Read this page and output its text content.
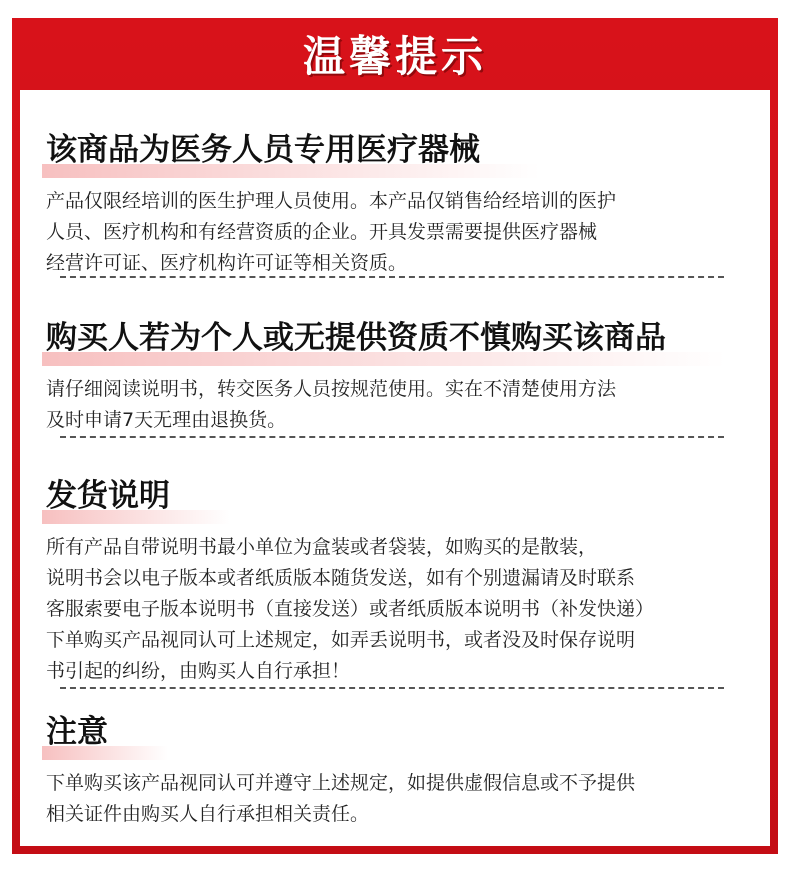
温馨提示
该商品为医务人员专用医疗器械
产品仅限经培训的医生护理人员使用。本产品仅销售给经培训的医护
人员、医疗机构和有经营资质的企业。开具发票需要提供医疗器械
经营许可证、医疗机构许可证等相关资质。
购买人若为个人或无提供资质不慎购买该商品
请仔细阅读说明书，转交医务人员按规范使用。实在不清楚使用方法
及时申请7天无理由退换货。
发货说明
所有产品自带说明书最小单位为盒装或者袋装，如购买的是散装，
说明书会以电子版本或者纸质版本随货发送，如有个别遗漏请及时联系
客服索要电子版本说明书（直接发送）或者纸质版本说明书（补发快递）
下单购买产品视同认可上述规定，如弄丢说明书，或者没及时保存说明
书引起的纠纷，由购买人自行承担！
注意
下单购买该产品视同认可并遵守上述规定，如提供虚假信息或不予提供
相关证件由购买人自行承担相关责任。
